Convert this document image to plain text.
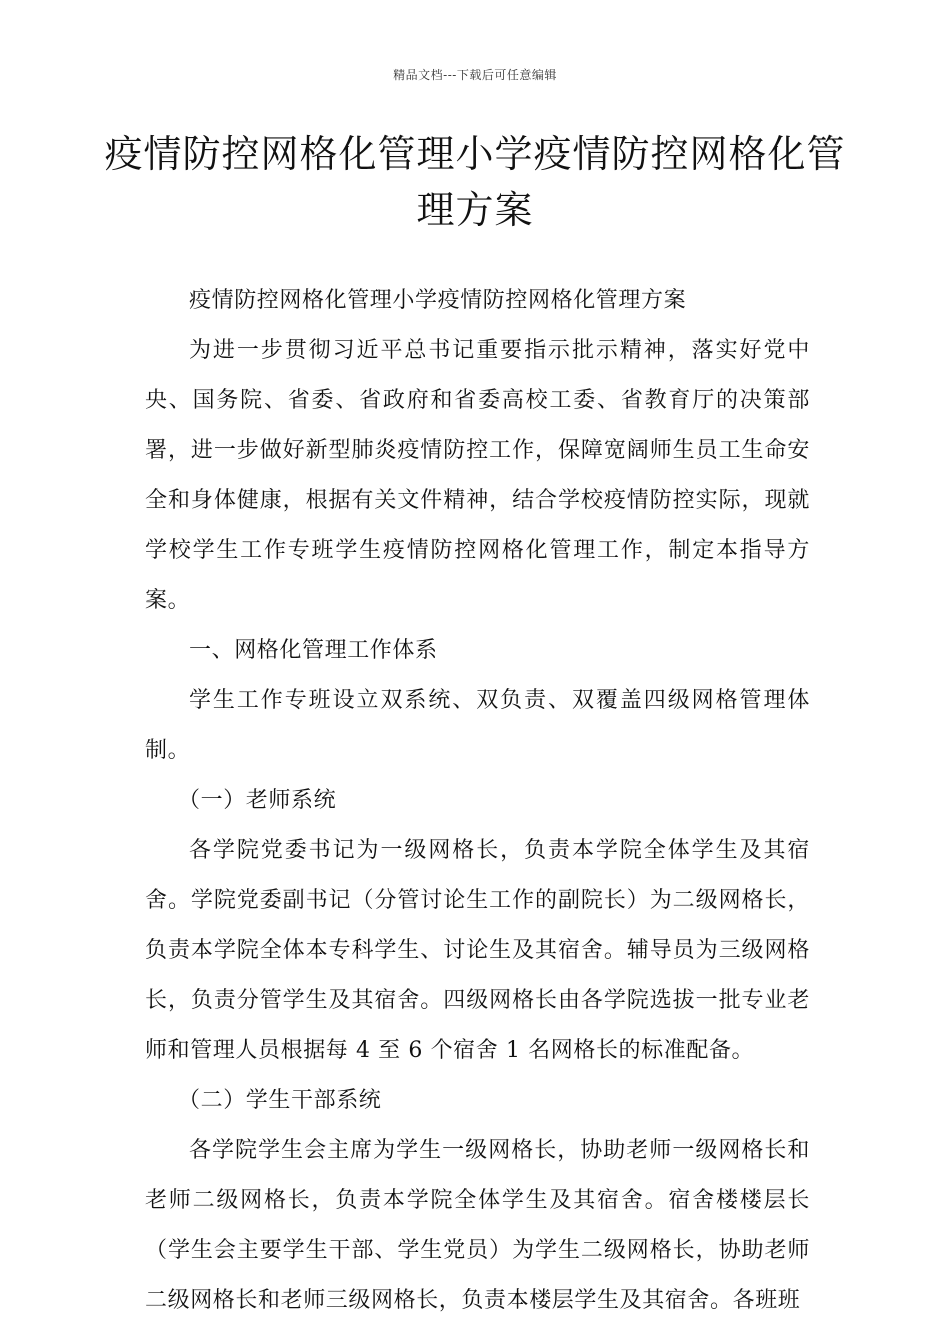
精品文档---下载后可任意编辑
疫情防控网格化管理小学疫情防控网格化管理方案

疫情防控网格化管理小学疫情防控网格化管理方案

为进一步贯彻习近平总书记重要指示批示精神，落实好党中央、国务院、省委、省政府和省委高校工委、省教育厅的决策部署，进一步做好新型肺炎疫情防控工作，保障宽阔师生员工生命安全和身体健康，根据有关文件精神，结合学校疫情防控实际，现就学校学生工作专班学生疫情防控网格化管理工作，制定本指导方案。

一、网格化管理工作体系

学生工作专班设立双系统、双负责、双覆盖四级网格管理体制。

（一）老师系统

各学院党委书记为一级网格长，负责本学院全体学生及其宿舍。学院党委副书记（分管讨论生工作的副院长）为二级网格长，负责本学院全体本专科学生、讨论生及其宿舍。辅导员为三级网格长，负责分管学生及其宿舍。四级网格长由各学院选拔一批专业老师和管理人员根据每 4 至 6 个宿舍 1 名网格长的标准配备。

（二）学生干部系统

各学院学生会主席为学生一级网格长，协助老师一级网格长和老师二级网格长，负责本学院全体学生及其宿舍。宿舍楼楼层长（学生会主要学生干部、学生党员）为学生二级网格长，协助老师二级网格长和老师三级网格长，负责本楼层学生及其宿舍。各班班
